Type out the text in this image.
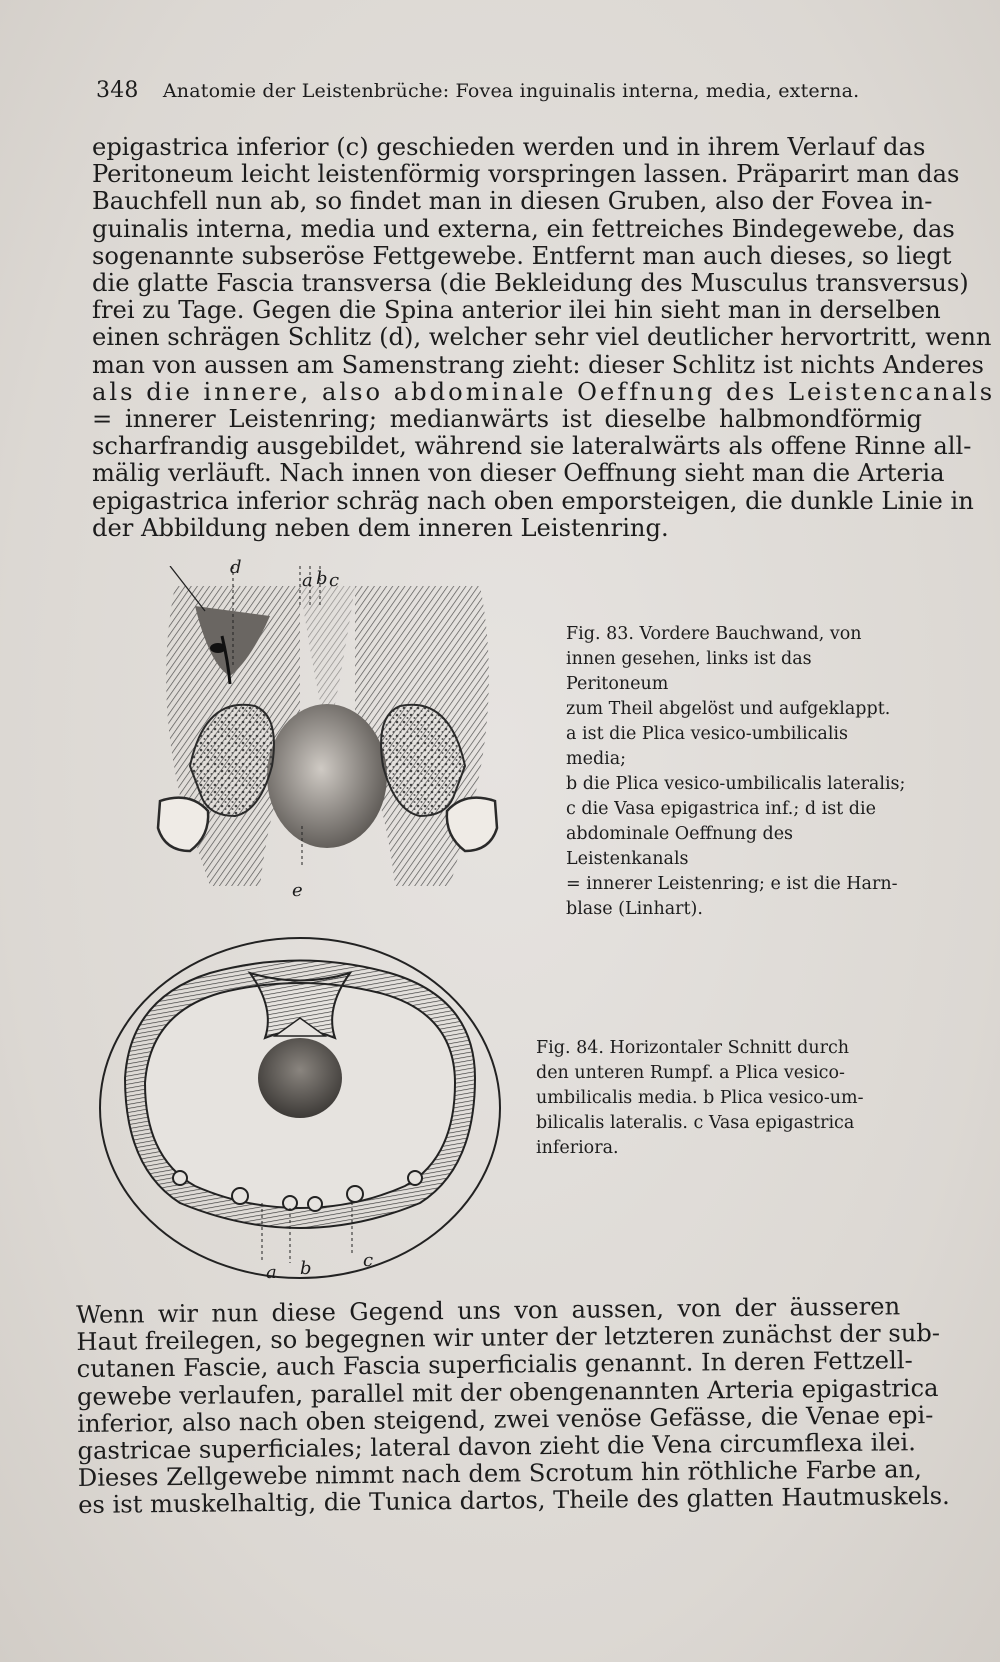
348 Anatomie der Leistenbrüche: Fovea inguinalis interna, media, externa.
epigastrica inferior (c) geschieden werden und in ihrem Verlauf das
Peritoneum leicht leistenförmig vorspringen lassen. Präparirt man das
Bauchfell nun ab, so findet man in diesen Gruben, also der Fovea in-
guinalis interna, media und externa, ein fettreiches Bindegewebe, das
sogenannte subseröse Fettgewebe. Entfernt man auch dieses, so liegt
die glatte Fascia transversa (die Bekleidung des Musculus transversus)
frei zu Tage. Gegen die Spina anterior ilei hin sieht man in derselben
einen schrägen Schlitz (d), welcher sehr viel deutlicher hervortritt, wenn
man von aussen am Samenstrang zieht: dieser Schlitz ist nichts Anderes
als die innere, also abdominale Oeffnung des Leistencanals
= innerer Leistenring; medianwärts ist dieselbe halbmondförmig
scharfrandig ausgebildet, während sie lateralwärts als offene Rinne all-
mälig verläuft. Nach innen von dieser Oeffnung sieht man die Arteria
epigastrica inferior schräg nach oben emporsteigen, die dunkle Linie in
der Abbildung neben dem inneren Leistenring.
d
a b c
e
Fig. 83. Vordere Bauchwand, von
innen gesehen, links ist das Peritoneum
zum Theil abgelöst und aufgeklappt.
a ist die Plica vesico-umbilicalis media;
b die Plica vesico-umbilicalis lateralis;
c die Vasa epigastrica inf.; d ist die
abdominale Oeffnung des Leistenkanals
= innerer Leistenring; e ist die Harn-
blase (Linhart).
a b	c
Fig. 84. Horizontaler Schnitt durch
den unteren Rumpf. a Plica vesico-
umbilicalis media. b Plica vesico-um-
bilicalis lateralis. c Vasa epigastrica
inferiora.
Wenn wir nun diese Gegend uns von aussen, von der äusseren
Haut freilegen, so begegnen wir unter der letzteren zunächst der sub-
cutanen Fascie, auch Fascia superficialis genannt. In deren Fettzell-
gewebe verlaufen, parallel mit der obengenannten Arteria epigastrica
inferior, also nach oben steigend, zwei venöse Gefässe, die Venae epi-
gastricae superficiales; lateral davon zieht die Vena circumflexa ilei.
Dieses Zellgewebe nimmt nach dem Scrotum hin röthliche Farbe an,
es ist muskelhaltig, die Tunica dartos, Theile des glatten Hautmuskels.
